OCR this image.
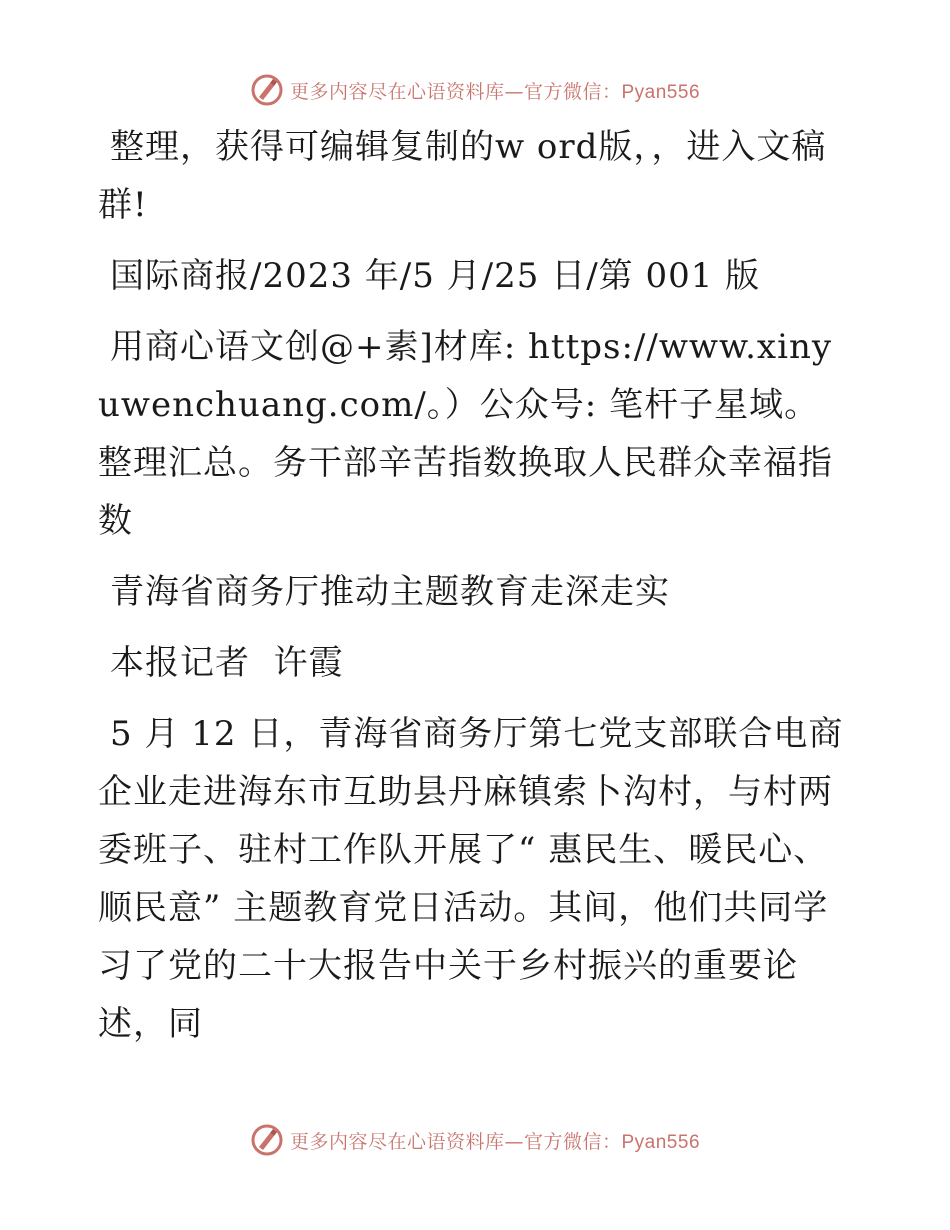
更多内容尽在心语资料库—官方微信：Pyan556

整理，获得可编辑复制的w ord版，，进入文稿群!

国际商报/2023 年/5 月/25 日/第 001 版

用商心语文创@+素]材库: https://www.xinyuwenchuang.com/。）公众号: 笔杆子星域。整理汇总。务干部辛苦指数换取人民群众幸福指数

青海省商务厅推动主题教育走深走实

本报记者  许霞

5 月 12 日，青海省商务厅第七党支部联合电商企业走进海东市互助县丹麻镇索卜沟村，与村两委班子、驻村工作队开展了“ 惠民生、暖民心、顺民意” 主题教育党日活动。其间，他们共同学习了党的二十大报告中关于乡村振兴的重要论述，同

更多内容尽在心语资料库—官方微信：Pyan556
